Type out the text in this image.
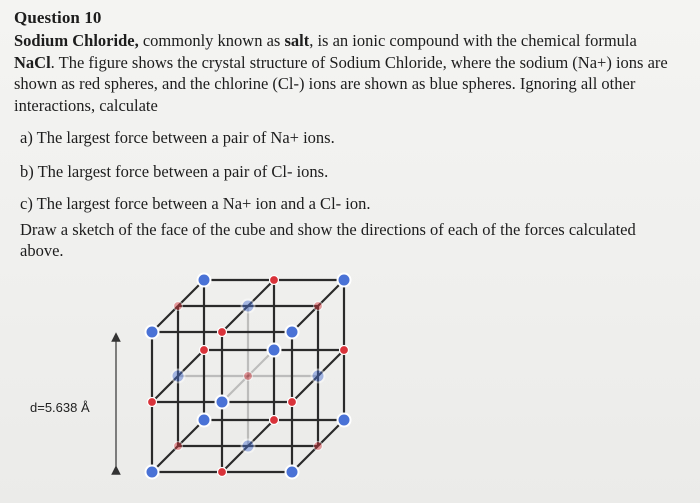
Question 10
Sodium Chloride, commonly known as salt, is an ionic compound with the chemical formula NaCl. The figure shows the crystal structure of Sodium Chloride, where the sodium (Na+) ions are shown as red spheres, and the chlorine (Cl-) ions are shown as blue spheres. Ignoring all other interactions, calculate
a) The largest force between a pair of Na+ ions.
b) The largest force between a pair of Cl- ions.
c) The largest force between a Na+ ion and a Cl- ion.
Draw a sketch of the face of the cube and show the directions of each of the forces calculated above.
d=5.638 Å
